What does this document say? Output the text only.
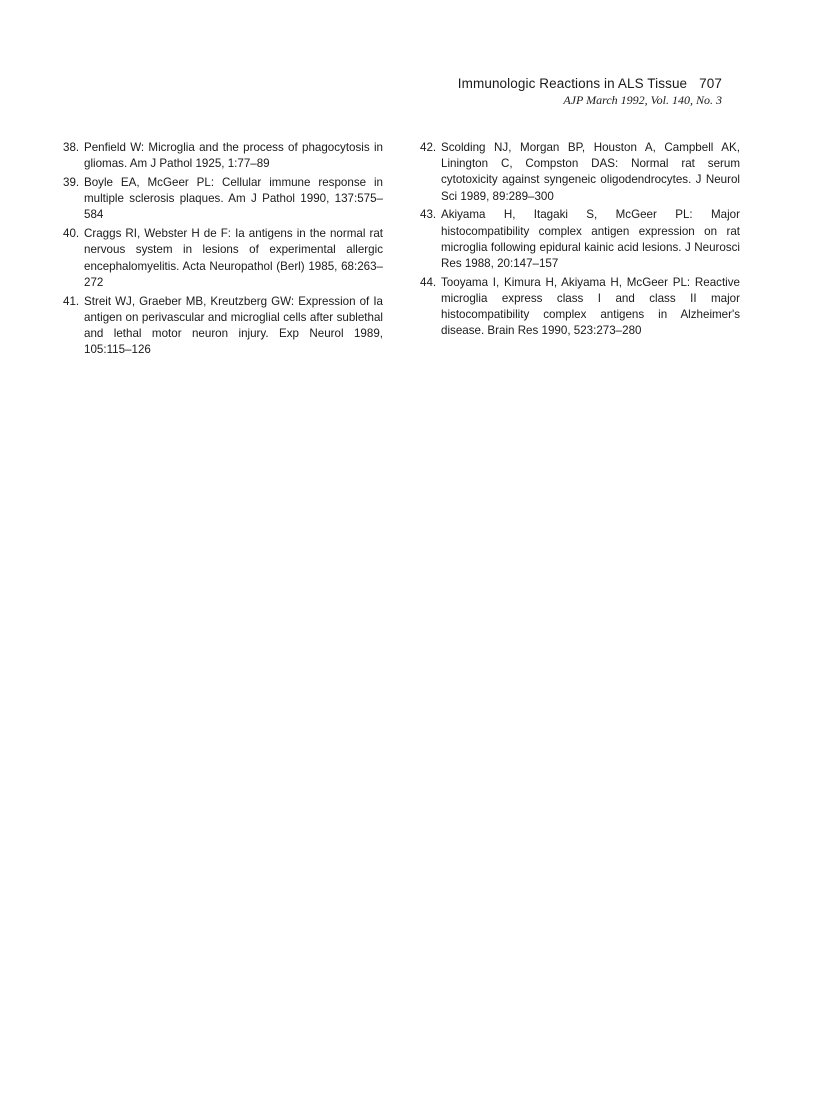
Immunologic Reactions in ALS Tissue 707
AJP March 1992, Vol. 140, No. 3
38. Penfield W: Microglia and the process of phagocytosis in gliomas. Am J Pathol 1925, 1:77–89
39. Boyle EA, McGeer PL: Cellular immune response in multiple sclerosis plaques. Am J Pathol 1990, 137:575–584
40. Craggs RI, Webster H de F: Ia antigens in the normal rat nervous system in lesions of experimental allergic encephalomyelitis. Acta Neuropathol (Berl) 1985, 68:263–272
41. Streit WJ, Graeber MB, Kreutzberg GW: Expression of Ia antigen on perivascular and microglial cells after sublethal and lethal motor neuron injury. Exp Neurol 1989, 105:115–126
42. Scolding NJ, Morgan BP, Houston A, Campbell AK, Linington C, Compston DAS: Normal rat serum cytotoxicity against syngeneic oligodendrocytes. J Neurol Sci 1989, 89:289–300
43. Akiyama H, Itagaki S, McGeer PL: Major histocompatibility complex antigen expression on rat microglia following epidural kainic acid lesions. J Neurosci Res 1988, 20:147–157
44. Tooyama I, Kimura H, Akiyama H, McGeer PL: Reactive microglia express class I and class II major histocompatibility complex antigens in Alzheimer's disease. Brain Res 1990, 523:273–280
